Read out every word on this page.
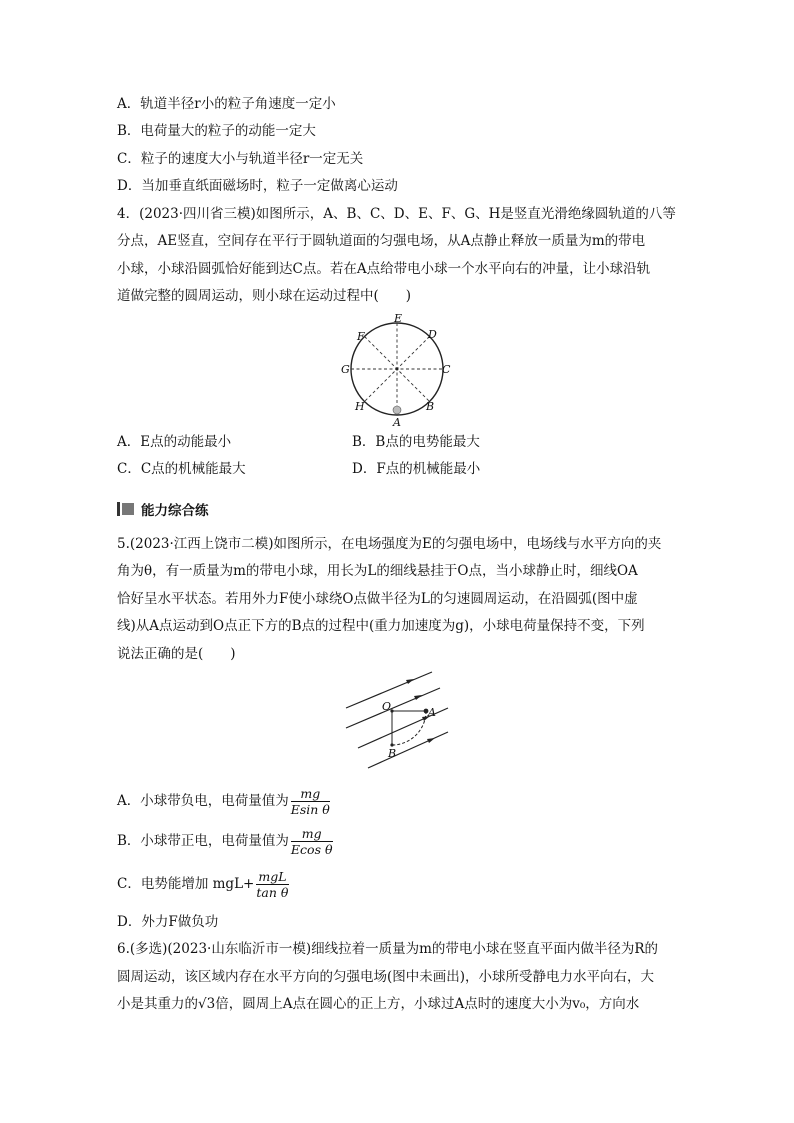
A．轨道半径r小的粒子角速度一定小
B．电荷量大的粒子的动能一定大
C．粒子的速度大小与轨道半径r一定无关
D．当加垂直纸面磁场时，粒子一定做离心运动
4．(2023·四川省三模)如图所示，A、B、C、D、E、F、G、H是竖直光滑绝缘圆轨道的八等
分点，AE竖直，空间存在平行于圆轨道面的匀强电场，从A点静止释放一质量为m的带电
小球，小球沿圆弧恰好能到达C点。若在A点给带电小球一个水平向右的冲量，让小球沿轨
道做完整的圆周运动，则小球在运动过程中(　　)
E
D
F
G	C
H	B
A
A．E点的动能最小	B．B点的电势能最大
C．C点的机械能最大	D．F点的机械能最小
能力综合练
5.(2023·江西上饶市二模)如图所示，在电场强度为E的匀强电场中，电场线与水平方向的夹
角为θ，有一质量为m的带电小球，用长为L的细线悬挂于O点，当小球静止时，细线OA
恰好呈水平状态。若用外力F使小球绕O点做半径为L的匀速圆周运动，在沿圆弧(图中虚
线)从A点运动到O点正下方的B点的过程中(重力加速度为g)，小球电荷量保持不变，下列
说法正确的是(　　)
O	A
B
A．小球带负电，电荷量值为 $\frac{mg}{\text{Esin θ}}$
B．小球带正电，电荷量值为 $\frac{mg}{\text{Ecos θ}}$
C．电势能增加 $mgL+ \frac{\text{mgL}}{\text{tan θ}}$
D．外力F做负功
6.(多选)(2023·山东临沂市一模)细线拉着一质量为m的带电小球在竖直平面内做半径为R的
圆周运动，该区域内存在水平方向的匀强电场(图中未画出)，小球所受静电力水平向右，大
小是其重力的√3倍，圆周上A点在圆心的正上方，小球过A点时的速度大小为v₀，方向水
